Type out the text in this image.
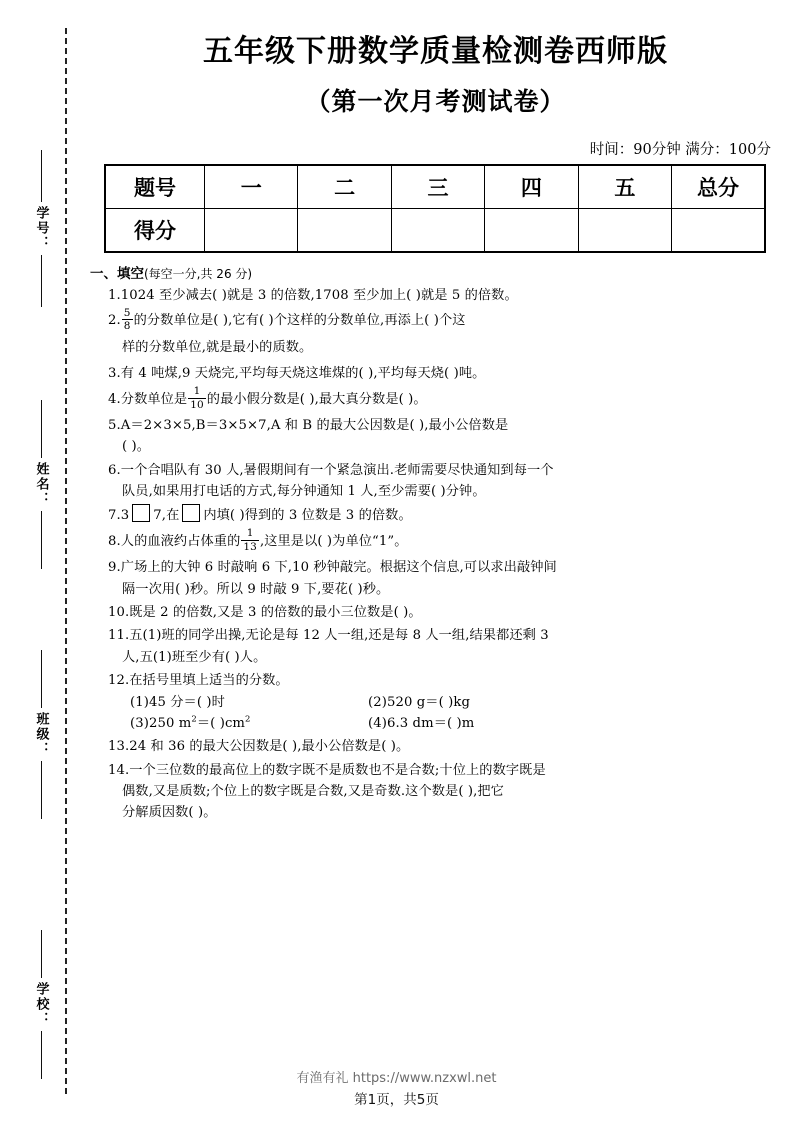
学号：
姓名：
班级：
学校：
五年级下册数学质量检测卷西师版
（第一次月考测试卷）
时间：90分钟 满分：100分
题号	一	二	三	四	五	总分
得分						
一、填空(每空一分,共 26 分)

1.1024 至少减去( )就是 3 的倍数,1708 至少加上( )就是 5 的倍数。

2. $\frac{5}{8}$ 的分数单位是( ),它有( )个这样的分数单位,再添上( )个这
样的分数单位,就是最小的质数。

3.有 4 吨煤,9 天烧完,平均每天烧这堆煤的( ),平均每天烧( )吨。

4.分数单位是 $\frac{1}{10}$ 的最小假分数是( ),最大真分数是( )。

5.A＝2×3×5,B＝3×5×7,A 和 B 的最大公因数是( ),最小公倍数是
( )。

6.一个合唱队有 30 人,暑假期间有一个紧急演出.老师需要尽快通知到每一个
队员,如果用打电话的方式,每分钟通知 1 人,至少需要( )分钟。

7.3 7,在 内填( )得到的 3 位数是 3 的倍数。

8.人的血液约占体重的 $\frac{1}{13}$ ,这里是以( )为单位“1”。

9.广场上的大钟 6 时敲响 6 下,10 秒钟敲完。根据这个信息,可以求出敲钟间
隔一次用( )秒。所以 9 时敲 9 下,要花( )秒。

10.既是 2 的倍数,又是 3 的倍数的最小三位数是( )。

11.五(1)班的同学出操,无论是每 12 人一组,还是每 8 人一组,结果都还剩 3
人,五(1)班至少有( )人。

12.在括号里填上适当的分数。
(1)45 分＝( )时	(2)520 g＝( )kg
(3)250 $m^2=$( )$cm^2$	(4)6.3 dm＝( )m

13.24 和 36 的最大公因数是( ),最小公倍数是( )。

14.一个三位数的最高位上的数字既不是质数也不是合数;十位上的数字既是
偶数,又是质数;个位上的数字既是合数,又是奇数.这个数是( ),把它
分解质因数( )。

有渔有礼 https://www.nzxwl.net
第1页，共5页
